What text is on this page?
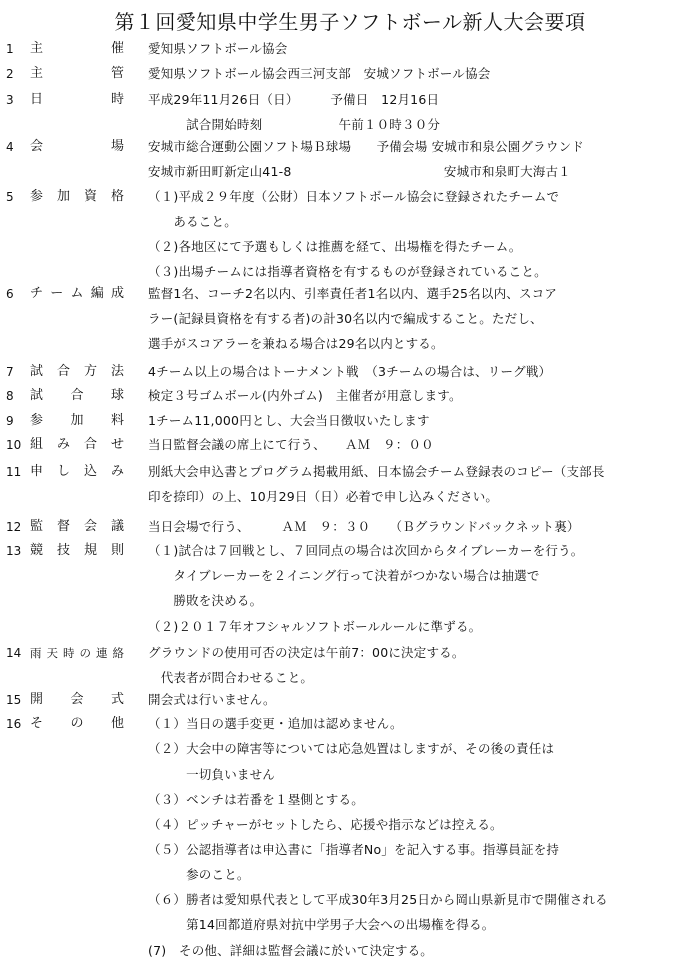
第１回愛知県中学生男子ソフトボール新人大会要項
1 主　　催 愛知県ソフトボール協会
2 主　　管 愛知県ソフトボール協会西三河支部　安城ソフトボール協会
3 日　　時 平成29年11月26日（日）　　　予備日　12月16日
　　　試合開始時刻　　　　　　午前１０時３０分
4 会　　場 安城市総合運動公園ソフト場Ｂ球場　　予備会場 安城市和泉公園グラウンド
安城市新田町新定山41-8　　　　　　　　　　　　安城市和泉町大海古１
5 参加資格 （１)平成２９年度（公財）日本ソフトボール協会に登録されたチームで
　　あること。
（２)各地区にて予選もしくは推薦を経て、出場権を得たチーム。
（３)出場チームには指導者資格を有するものが登録されていること。
6 チーム編成 監督1名、コーチ2名以内、引率責任者1名以内、選手25名以内、スコア
ラー(記録員資格を有する者)の計30名以内で編成すること。ただし、
選手がスコアラーを兼ねる場合は29名以内とする。
7 試合方法 4チーム以上の場合はトーナメント戦　（3チームの場合は、リーグ戦）
8 試合球 検定３号ゴムボール(内外ゴム)　主催者が用意します。
9 参加料 1チーム11,000円とし、大会当日徴収いたします
10 組み合せ 当日監督会議の席上にて行う、　　ＡＭ　９：００
11 申し込み 別紙大会申込書とプログラム掲載用紙、日本協会チーム登録表のコピー（支部長
印を捺印）の上、10月29日（日）必着で申し込みください。
12 監督会議 当日会場で行う、　　　ＡＭ　９：３０　　（Ｂグラウンドバックネット裏）
13 競技規則 （１)試合は７回戦とし、７回同点の場合は次回からタイブレーカーを行う。
　　タイブレーカーを２イニング行って決着がつかない場合は抽選で
　　勝敗を決める。
（２)２０１７年オフシャルソフトボールルールに準ずる。
14 雨天時の連絡 グラウンドの使用可否の決定は午前7：00に決定する。
　代表者が問合わせること。
15 開会式 開会式は行いません。
16 そ の 他 （１）当日の選手変更・追加は認めません。
（２）大会中の障害等については応急処置はしますが、その後の責任は
　　　一切負いません
（３）ベンチは若番を１塁側とする。
（４）ピッチャーがセットしたら、応援や指示などは控える。
（５）公認指導者は申込書に「指導者No」を記入する事。指導員証を持
　　　参のこと。
（６）勝者は愛知県代表として平成30年3月25日から岡山県新見市で開催される
　　　第14回都道府県対抗中学男子大会への出場権を得る。
(7)　その他、詳細は監督会議に於いて決定する。
